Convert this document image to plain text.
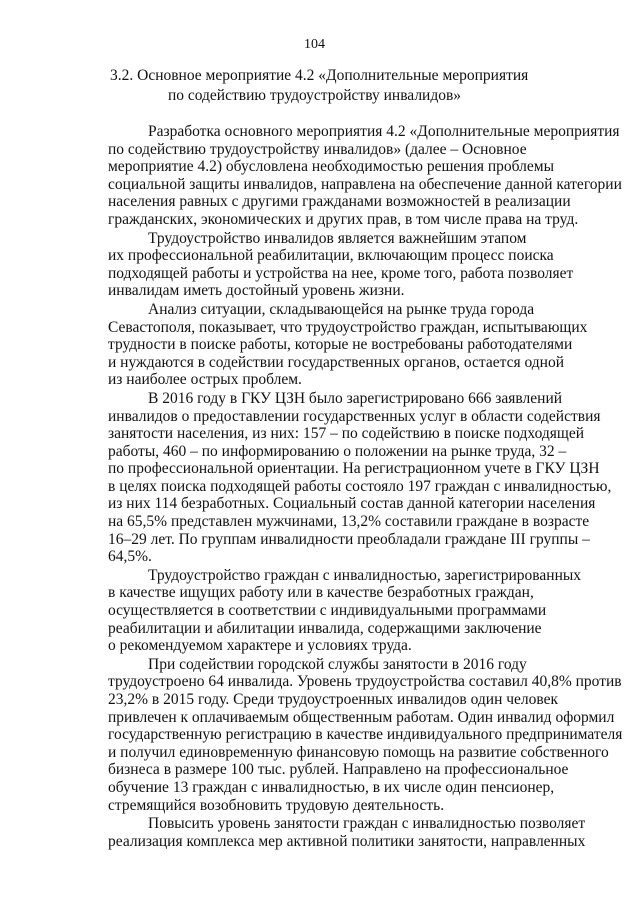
104
3.2. Основное мероприятие 4.2 «Дополнительные мероприятия
по содействию трудоустройству инвалидов»

Разработка основного мероприятия 4.2 «Дополнительные мероприятия
по содействию трудоустройству инвалидов» (далее – Основное
мероприятие 4.2) обусловлена необходимостью решения проблемы
социальной защиты инвалидов, направлена на обеспечение данной категории
населения равных с другими гражданами возможностей в реализации
гражданских, экономических и других прав, в том числе права на труд.

Трудоустройство инвалидов является важнейшим этапом
их профессиональной реабилитации, включающим процесс поиска
подходящей работы и устройства на нее, кроме того, работа позволяет
инвалидам иметь достойный уровень жизни.

Анализ ситуации, складывающейся на рынке труда города
Севастополя, показывает, что трудоустройство граждан, испытывающих
трудности в поиске работы, которые не востребованы работодателями
и нуждаются в содействии государственных органов, остается одной
из наиболее острых проблем.

В 2016 году в ГКУ ЦЗН было зарегистрировано 666 заявлений
инвалидов о предоставлении государственных услуг в области содействия
занятости населения, из них: 157 – по содействию в поиске подходящей
работы, 460 – по информированию о положении на рынке труда, 32 –
по профессиональной ориентации. На регистрационном учете в ГКУ ЦЗН
в целях поиска подходящей работы состояло 197 граждан с инвалидностью,
из них 114 безработных. Социальный состав данной категории населения
на 65,5% представлен мужчинами, 13,2% составили граждане в возрасте
16–29 лет. По группам инвалидности преобладали граждане III группы –
64,5%.

Трудоустройство граждан с инвалидностью, зарегистрированных
в качестве ищущих работу или в качестве безработных граждан,
осуществляется в соответствии с индивидуальными программами
реабилитации и абилитации инвалида, содержащими заключение
о рекомендуемом характере и условиях труда.

При содействии городской службы занятости в 2016 году
трудоустроено 64 инвалида. Уровень трудоустройства составил 40,8% против
23,2% в 2015 году. Среди трудоустроенных инвалидов один человек
привлечен к оплачиваемым общественным работам. Один инвалид оформил
государственную регистрацию в качестве индивидуального предпринимателя
и получил единовременную финансовую помощь на развитие собственного
бизнеса в размере 100 тыс. рублей. Направлено на профессиональное
обучение 13 граждан с инвалидностью, в их числе один пенсионер,
стремящийся возобновить трудовую деятельность.

Повысить уровень занятости граждан с инвалидностью позволяет
реализация комплекса мер активной политики занятости, направленных
